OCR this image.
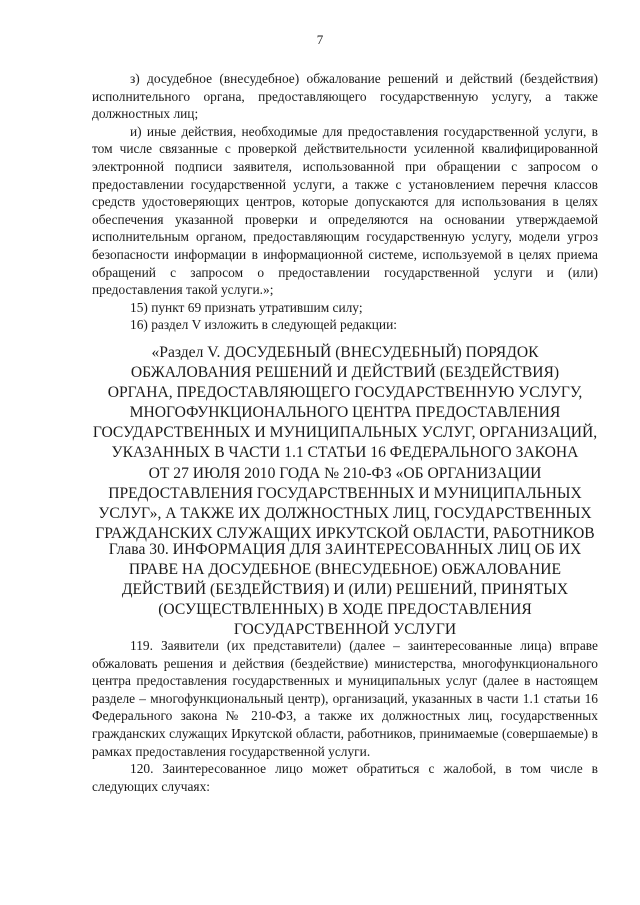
7

з) досудебное (внесудебное) обжалование решений и действий (бездействия) исполнительного органа, предоставляющего государственную услугу, а также должностных лиц;

и) иные действия, необходимые для предоставления государственной услуги, в том числе связанные с проверкой действительности усиленной квалифицированной электронной подписи заявителя, использованной при обращении с запросом о предоставлении государственной услуги, а также с установлением перечня классов средств удостоверяющих центров, которые допускаются для использования в целях обеспечения указанной проверки и определяются на основании утверждаемой исполнительным органом, предоставляющим государственную услугу, модели угроз безопасности информации в информационной системе, используемой в целях приема обращений с запросом о предоставлении государственной услуги и (или) предоставления такой услуги.»;

15) пункт 69 признать утратившим силу;

16) раздел V изложить в следующей редакции:

«Раздел V. ДОСУДЕБНЫЙ (ВНЕСУДЕБНЫЙ) ПОРЯДОК
ОБЖАЛОВАНИЯ РЕШЕНИЙ И ДЕЙСТВИЙ (БЕЗДЕЙСТВИЯ)
ОРГАНА, ПРЕДОСТАВЛЯЮЩЕГО ГОСУДАРСТВЕННУЮ УСЛУГУ,
МНОГОФУНКЦИОНАЛЬНОГО ЦЕНТРА ПРЕДОСТАВЛЕНИЯ
ГОСУДАРСТВЕННЫХ И МУНИЦИПАЛЬНЫХ УСЛУГ, ОРГАНИЗАЦИЙ,
УКАЗАННЫХ В ЧАСТИ 1.1 СТАТЬИ 16 ФЕДЕРАЛЬНОГО ЗАКОНА
ОТ 27 ИЮЛЯ 2010 ГОДА № 210-ФЗ «ОБ ОРГАНИЗАЦИИ
ПРЕДОСТАВЛЕНИЯ ГОСУДАРСТВЕННЫХ И МУНИЦИПАЛЬНЫХ
УСЛУГ», А ТАКЖЕ ИХ ДОЛЖНОСТНЫХ ЛИЦ, ГОСУДАРСТВЕННЫХ
ГРАЖДАНСКИХ СЛУЖАЩИХ ИРКУТСКОЙ ОБЛАСТИ, РАБОТНИКОВ
Глава 30. ИНФОРМАЦИЯ ДЛЯ ЗАИНТЕРЕСОВАННЫХ ЛИЦ ОБ ИХ
ПРАВЕ НА ДОСУДЕБНОЕ (ВНЕСУДЕБНОЕ) ОБЖАЛОВАНИЕ
ДЕЙСТВИЙ (БЕЗДЕЙСТВИЯ) И (ИЛИ) РЕШЕНИЙ, ПРИНЯТЫХ
(ОСУЩЕСТВЛЕННЫХ) В ХОДЕ ПРЕДОСТАВЛЕНИЯ
ГОСУДАРСТВЕННОЙ УСЛУГИ

119. Заявители (их представители) (далее – заинтересованные лица) вправе обжаловать решения и действия (бездействие) министерства, многофункционального центра предоставления государственных и муниципальных услуг (далее в настоящем разделе – многофункциональный центр), организаций, указанных в части 1.1 статьи 16 Федерального закона № 210-ФЗ, а также их должностных лиц, государственных гражданских служащих Иркутской области, работников, принимаемые (совершаемые) в рамках предоставления государственной услуги.

120. Заинтересованное лицо может обратиться с жалобой, в том числе в следующих случаях:
